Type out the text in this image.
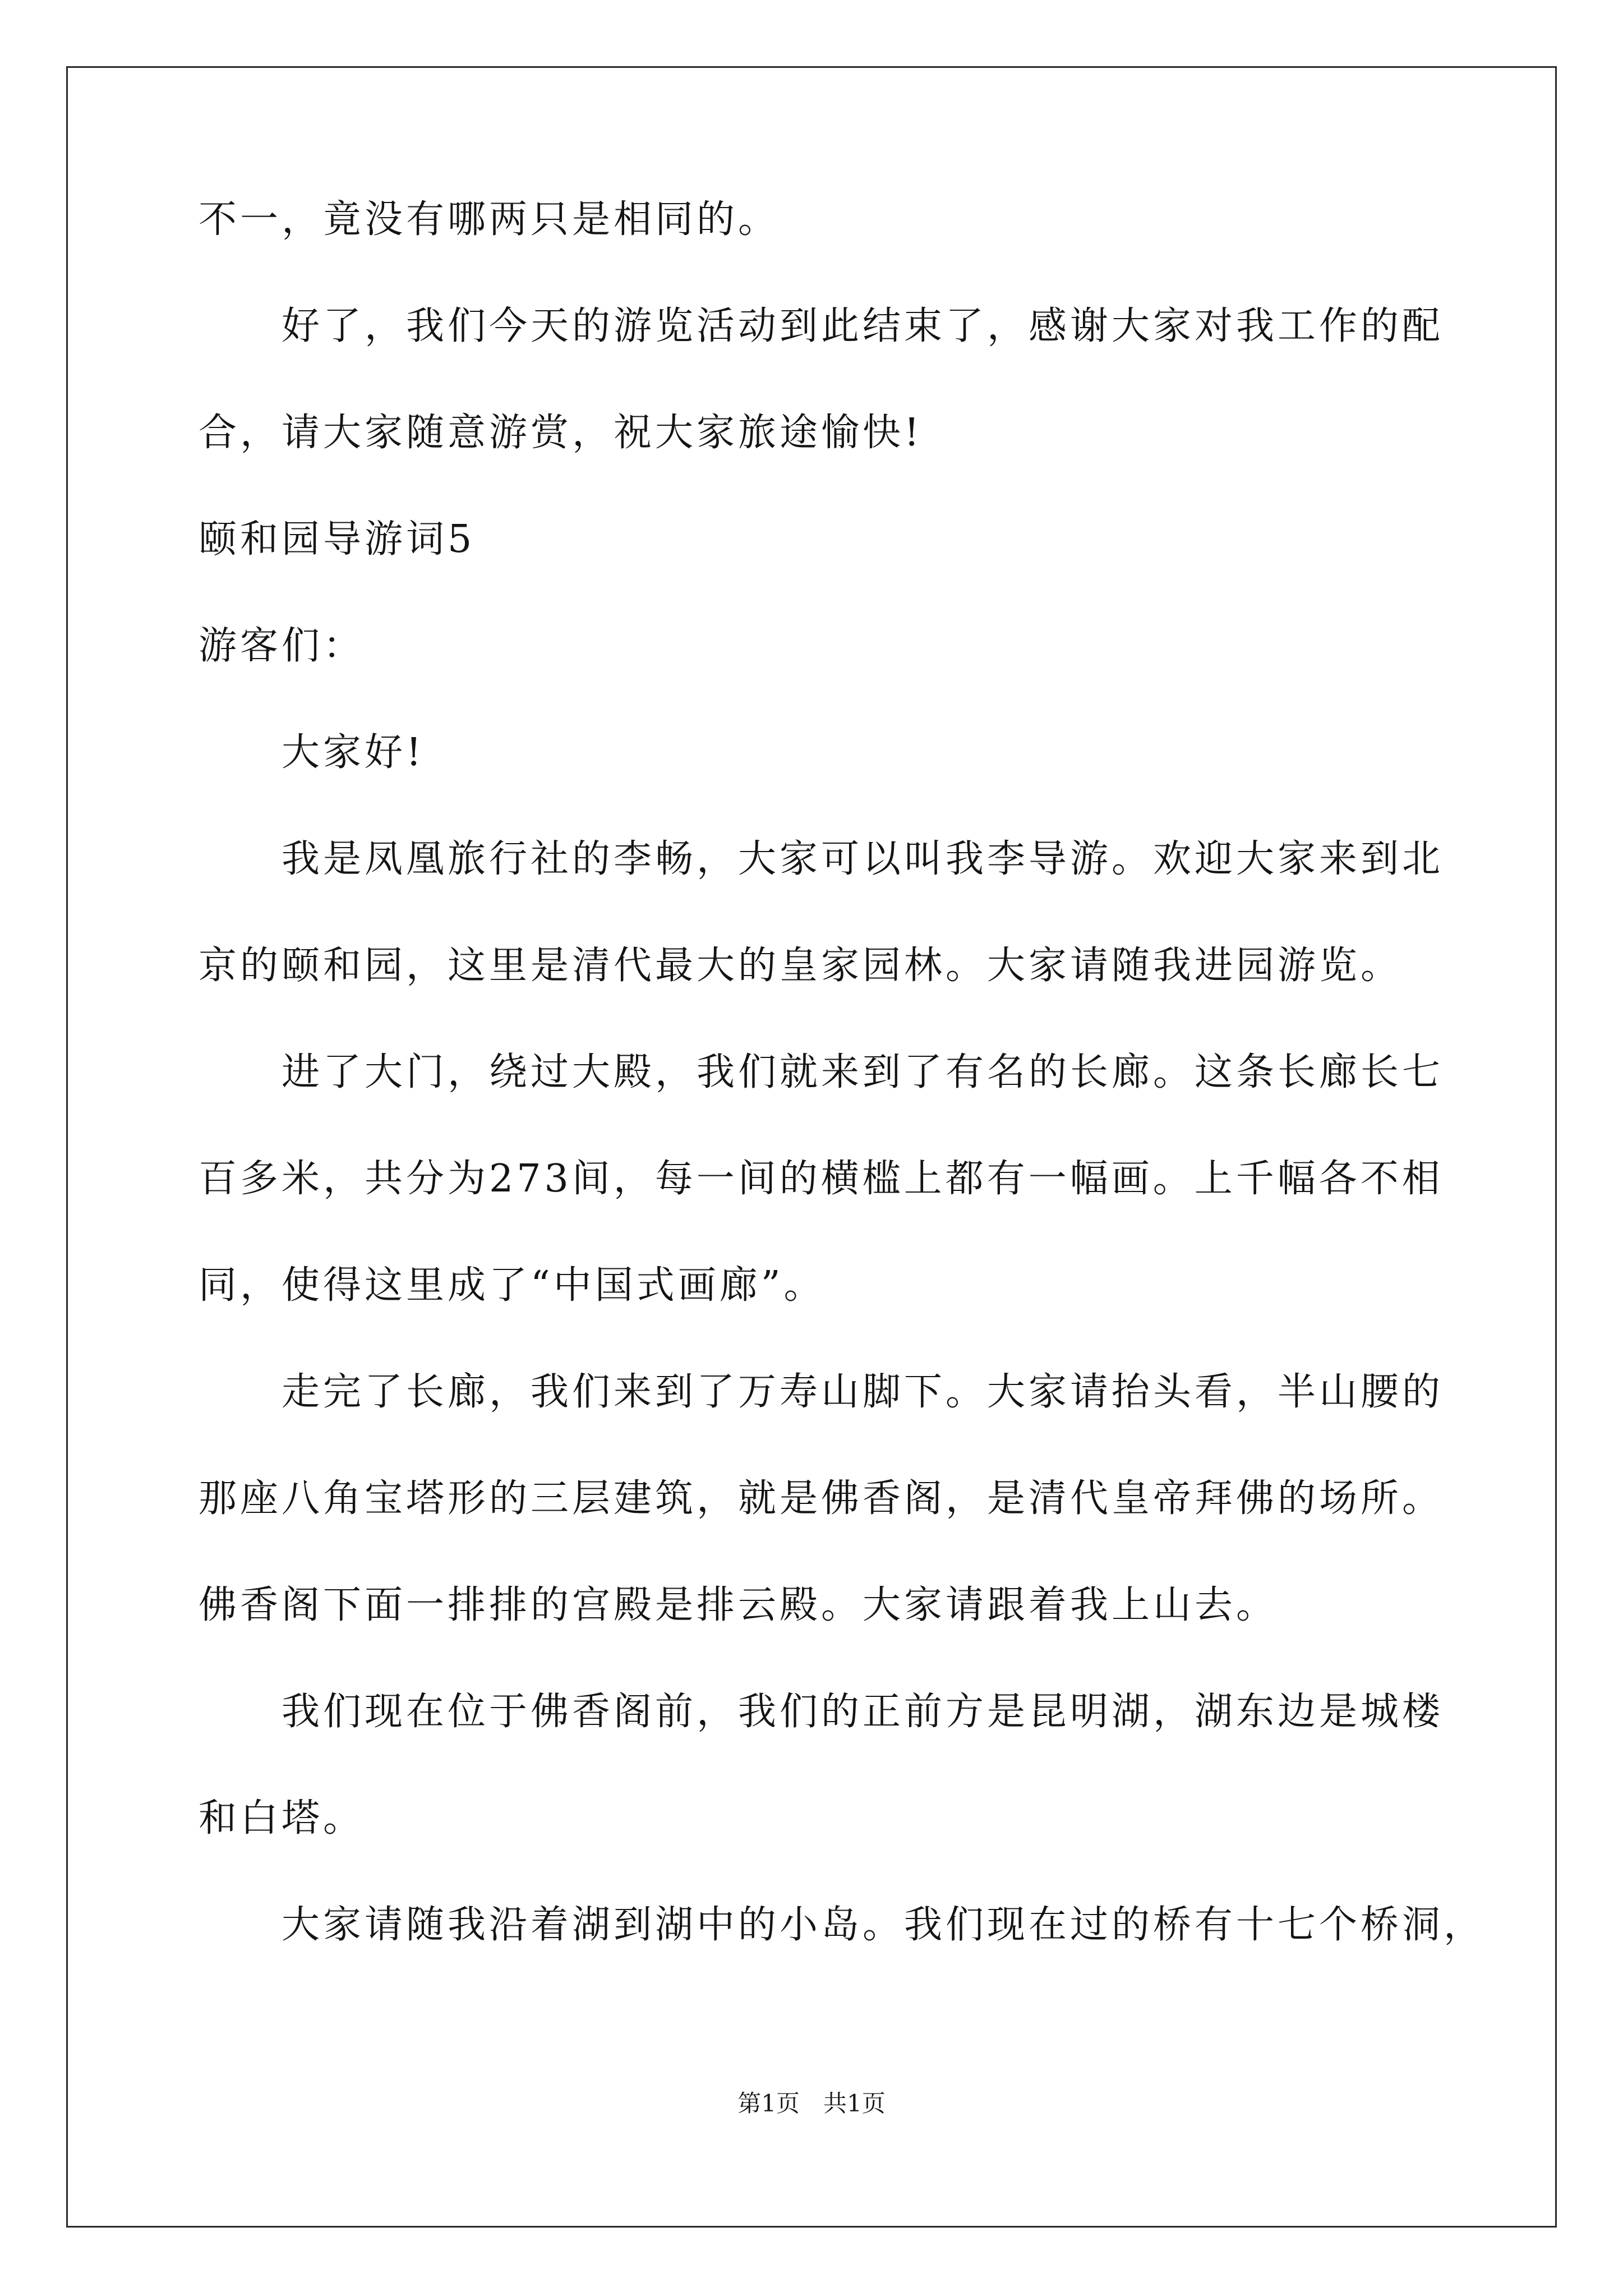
不一，竟没有哪两只是相同的。
好了，我们今天的游览活动到此结束了，感谢大家对我工作的配
合，请大家随意游赏，祝大家旅途愉快!
颐和园导游词5
游客们：
大家好!
我是凤凰旅行社的李畅，大家可以叫我李导游。欢迎大家来到北
京的颐和园，这里是清代最大的皇家园林。大家请随我进园游览。
进了大门，绕过大殿，我们就来到了有名的长廊。这条长廊长七
百多米，共分为273间，每一间的横槛上都有一幅画。上千幅各不相
同，使得这里成了“中国式画廊”。
走完了长廊，我们来到了万寿山脚下。大家请抬头看，半山腰的
那座八角宝塔形的三层建筑，就是佛香阁，是清代皇帝拜佛的场所。
佛香阁下面一排排的宫殿是排云殿。大家请跟着我上山去。
我们现在位于佛香阁前，我们的正前方是昆明湖，湖东边是城楼
和白塔。
大家请随我沿着湖到湖中的小岛。我们现在过的桥有十七个桥洞，
第1页　共1页
